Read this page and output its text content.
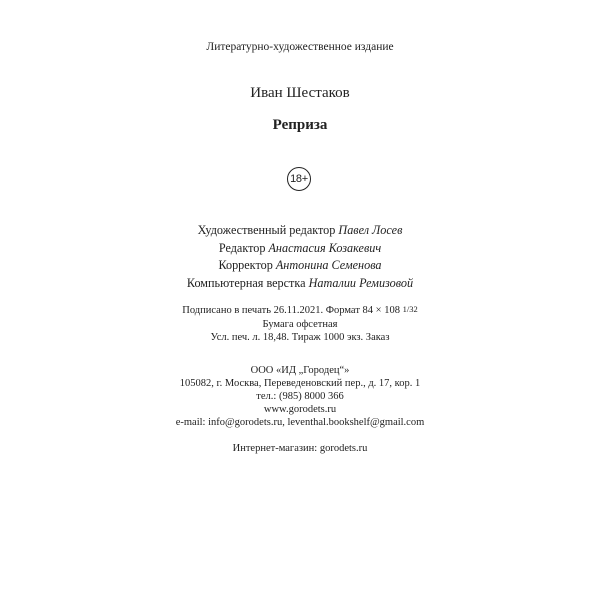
Литературно-художественное издание
Иван Шестаков
Реприза
18+
Художественный редактор Павел Лосев
Редактор Анастасия Козакевич
Корректор Антонина Семенова
Компьютерная верстка Наталии Ремизовой
Подписано в печать 26.11.2021. Формат 84 × 108 1/32
Бумага офсетная
Усл. печ. л. 18,48. Тираж 1000 экз. Заказ
ООО «ИД „Городец“»
105082, г. Москва, Переведеновский пер., д. 17, кор. 1
тел.: (985) 8000 366
www.gorodets.ru
e-mail: info@gorodets.ru, leventhal.bookshelf@gmail.com
Интернет-магазин: gorodets.ru
